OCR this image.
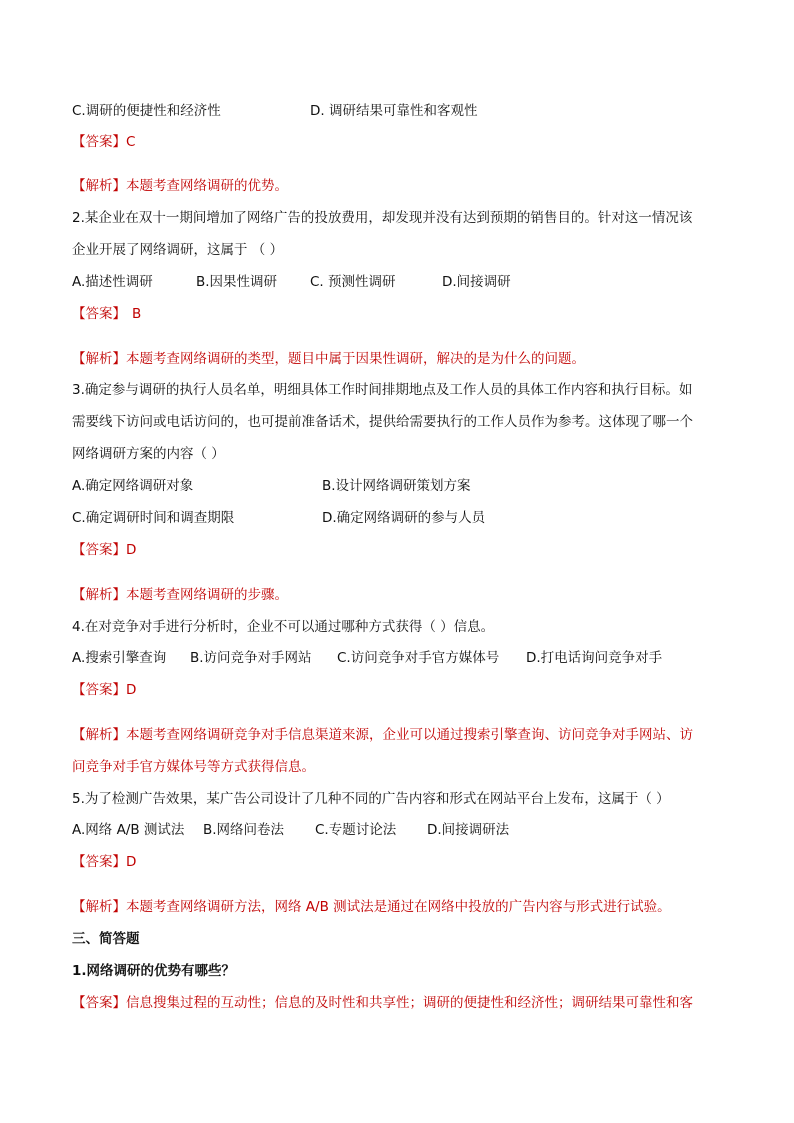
C.调研的便捷性和经济性	D. 调研结果可靠性和客观性
【答案】C
【解析】本题考查网络调研的优势。
2.某企业在双十一期间增加了网络广告的投放费用，却发现并没有达到预期的销售目的。针对这一情况该
企业开展了网络调研，这属于 （ ）
A.描述性调研	B.因果性调研 C. 预测性调研	D.间接调研
【答案】 B
【解析】本题考查网络调研的类型，题目中属于因果性调研，解决的是为什么的问题。
3.确定参与调研的执行人员名单，明细具体工作时间排期地点及工作人员的具体工作内容和执行目标。如
需要线下访问或电话访问的，也可提前准备话术，提供给需要执行的工作人员作为参考。这体现了哪一个
网络调研方案的内容（ ）
A.确定网络调研对象	B.设计网络调研策划方案
C.确定调研时间和调查期限	D.确定网络调研的参与人员
【答案】D
【解析】本题考查网络调研的步骤。
4.在对竞争对手进行分析时，企业不可以通过哪种方式获得（ ）信息。
A.搜索引擎查询 B.访问竞争对手网站 C.访问竞争对手官方媒体号 D.打电话询问竞争对手
【答案】D
【解析】本题考查网络调研竞争对手信息渠道来源，企业可以通过搜索引擎查询、访问竞争对手网站、访
问竞争对手官方媒体号等方式获得信息。
5.为了检测广告效果，某广告公司设计了几种不同的广告内容和形式在网站平台上发布，这属于（ ）
A.网络 A/B 测试法 B.网络问卷法 C.专题讨论法 D.间接调研法
【答案】D
【解析】本题考查网络调研方法，网络 A/B 测试法是通过在网络中投放的广告内容与形式进行试验。
三、简答题
1.网络调研的优势有哪些？
【答案】信息搜集过程的互动性；信息的及时性和共享性；调研的便捷性和经济性；调研结果可靠性和客
